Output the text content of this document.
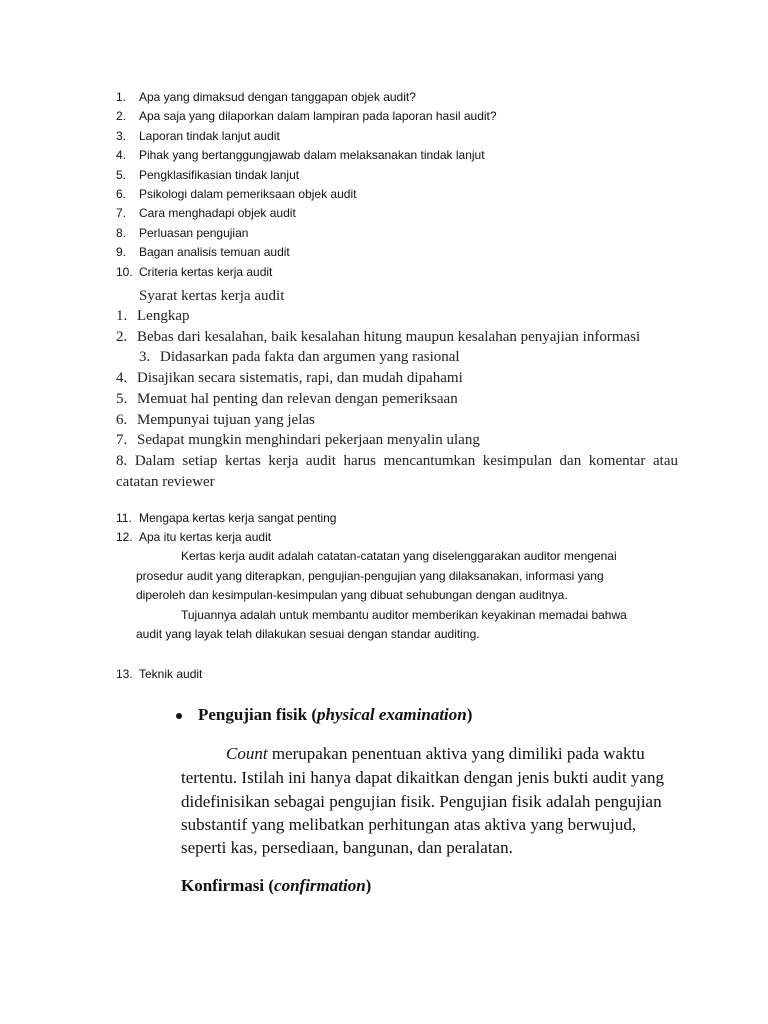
1. Apa yang dimaksud dengan tanggapan objek audit?
2. Apa saja yang dilaporkan dalam lampiran pada laporan hasil audit?
3. Laporan tindak lanjut audit
4. Pihak yang bertanggungjawab dalam melaksanakan tindak lanjut
5. Pengklasifikasian tindak lanjut
6. Psikologi dalam pemeriksaan objek audit
7. Cara menghadapi objek audit
8. Perluasan pengujian
9. Bagan analisis temuan audit
10. Criteria kertas kerja audit
Syarat kertas kerja audit
1. Lengkap
2. Bebas dari kesalahan, baik kesalahan hitung maupun kesalahan penyajian informasi
3. Didasarkan pada fakta dan argumen yang rasional
4. Disajikan secara sistematis, rapi, dan mudah dipahami
5. Memuat hal penting dan relevan dengan pemeriksaan
6. Mempunyai tujuan yang jelas
7. Sedapat mungkin menghindari pekerjaan menyalin ulang
8. Dalam setiap kertas kerja audit harus mencantumkan kesimpulan dan komentar atau
catatan reviewer
11. Mengapa kertas kerja sangat penting
12. Apa itu kertas kerja audit
Kertas kerja audit adalah catatan-catatan yang diselenggarakan auditor mengenai
prosedur audit yang diterapkan, pengujian-pengujian yang dilaksanakan, informasi yang
diperoleh dan kesimpulan-kesimpulan yang dibuat sehubungan dengan auditnya.
Tujuannya adalah untuk membantu auditor memberikan keyakinan memadai bahwa
audit yang layak telah dilakukan sesuai dengan standar auditing.
13. Teknik audit
Pengujian fisik (physical examination)
Count merupakan penentuan aktiva yang dimiliki pada waktu
tertentu. Istilah ini hanya dapat dikaitkan dengan jenis bukti audit yang
didefinisikan sebagai pengujian fisik. Pengujian fisik adalah pengujian
substantif yang melibatkan perhitungan atas aktiva yang berwujud,
seperti kas, persediaan, bangunan, dan peralatan.
Konfirmasi (confirmation)
